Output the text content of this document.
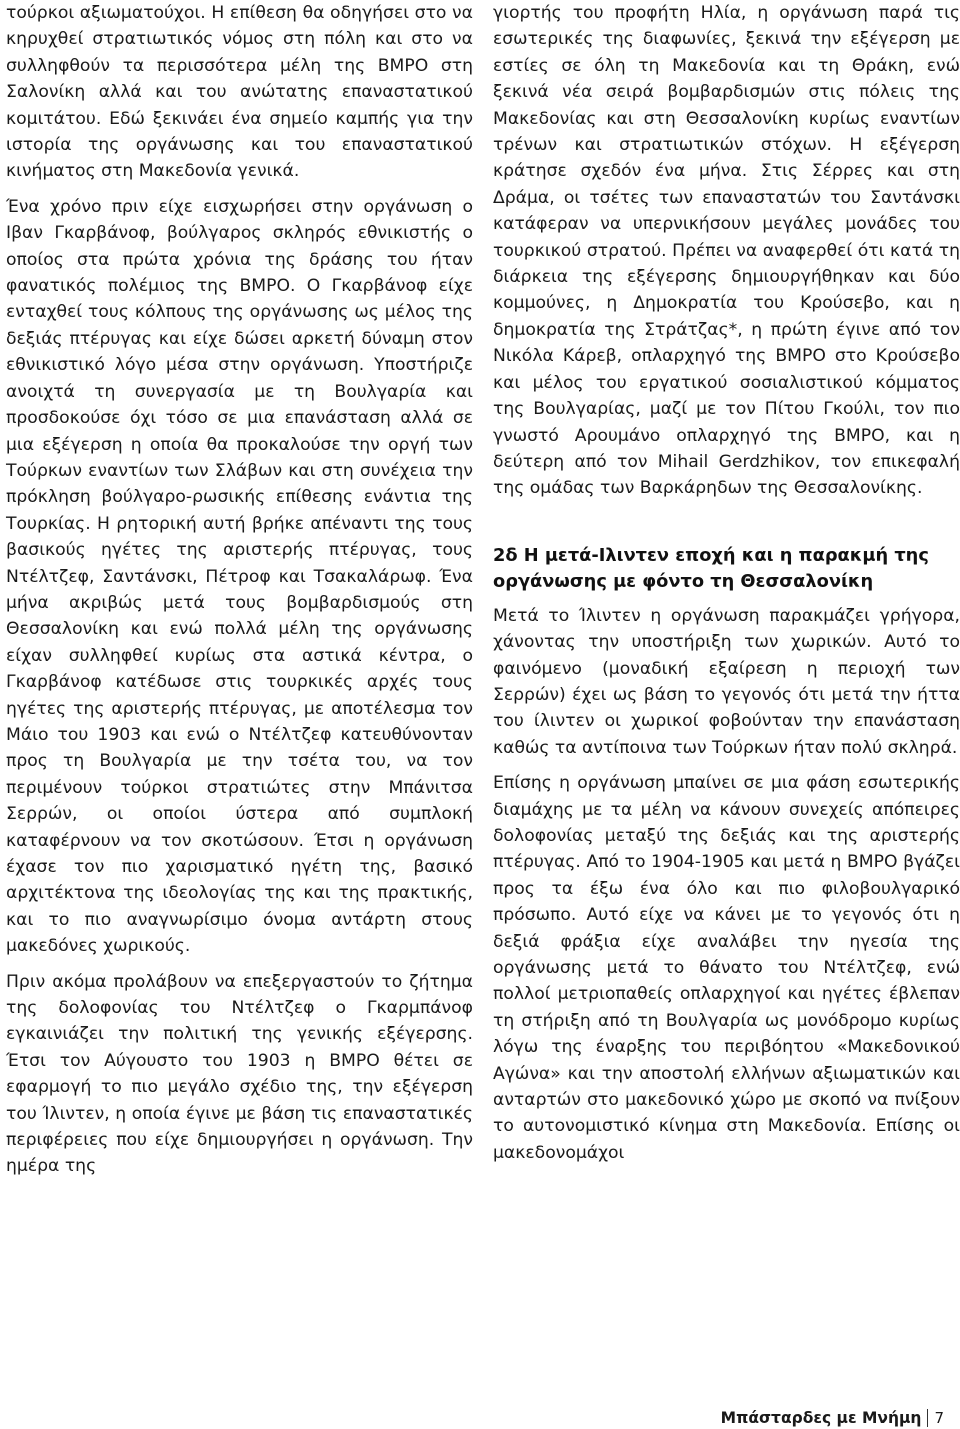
τούρκοι αξιωματούχοι. Η επίθεση θα οδηγήσει στο να κηρυχθεί στρατιωτικός νόμος στη πόλη και στο να συλληφθούν τα περισσότερα μέλη της ΒΜΡΟ στη Σαλονίκη αλλά και του ανώτατης επαναστατικού κομιτάτου. Εδώ ξεκινάει ένα σημείο καμπής για την ιστορία της οργάνωσης και του επαναστατικού κινήματος στη Μακεδονία γενικά.

Ένα χρόνο πριν είχε εισχωρήσει στην οργάνωση ο Ιβαν Γκαρβάνοφ, βούλγαρος σκληρός εθνικιστής ο οποίος στα πρώτα χρόνια της δράσης του ήταν φανατικός πολέμιος της ΒΜΡΟ. Ο Γκαρβάνοφ είχε ενταχθεί τους κόλπους της οργάνωσης ως μέλος της δεξιάς πτέρυγας και είχε δώσει αρκετή δύναμη στον εθνικιστικό λόγο μέσα στην οργάνωση. Υποστήριζε ανοιχτά τη συνεργασία με τη Βουλγαρία και προσδοκούσε όχι τόσο σε μια επανάσταση αλλά σε μια εξέγερση η οποία θα προκαλούσε την οργή των Τούρκων εναντίων των Σλάβων και στη συνέχεια την πρόκληση βούλγαρο-ρωσικής επίθεσης ενάντια της Τουρκίας. Η ρητορική αυτή βρήκε απέναντι της τους βασικούς ηγέτες της αριστερής πτέρυγας, τους Ντέλτζεφ, Σαντάνσκι, Πέτροφ και Τσακαλάρωφ. Ένα μήνα ακριβώς μετά τους βομβαρδισμούς στη Θεσσαλονίκη και ενώ πολλά μέλη της οργάνωσης είχαν συλληφθεί κυρίως στα αστικά κέντρα, ο Γκαρβάνοφ κατέδωσε στις τουρκικές αρχές τους ηγέτες της αριστερής πτέρυγας, με αποτέλεσμα τον Μάιο του 1903 και ενώ ο Ντέλτζεφ κατευθύνονταν προς τη Βουλγαρία με την τσέτα του, να τον περιμένουν τούρκοι στρατιώτες στην Μπάνιτσα Σερρών, οι οποίοι ύστερα από συμπλοκή καταφέρνουν να τον σκοτώσουν. Έτσι η οργάνωση έχασε τον πιο χαρισματικό ηγέτη της, βασικό αρχιτέκτονα της ιδεολογίας της και της πρακτικής, και το πιο αναγνωρίσιμο όνομα αντάρτη στους μακεδόνες χωρικούς.

Πριν ακόμα προλάβουν να επεξεργαστούν το ζήτημα της δολοφονίας του Ντέλτζεφ ο Γκαρμπάνοφ εγκαινιάζει την πολιτική της γενικής εξέγερσης. Έτσι τον Αύγουστο του 1903 η ΒΜΡΟ θέτει σε εφαρμογή το πιο μεγάλο σχέδιο της, την εξέγερση του Ίλιντεν, η οποία έγινε με βάση τις επαναστατικές περιφέρειες που είχε δημιουργήσει η οργάνωση. Την ημέρα της

γιορτής του προφήτη Ηλία, η οργάνωση παρά τις εσωτερικές της διαφωνίες, ξεκινά την εξέγερση με εστίες σε όλη τη Μακεδονία και τη Θράκη, ενώ ξεκινά νέα σειρά βομβαρδισμών στις πόλεις της Μακεδονίας και στη Θεσσαλονίκη κυρίως εναντίων τρένων και στρατιωτικών στόχων. Η εξέγερση κράτησε σχεδόν ένα μήνα. Στις Σέρρες και στη Δράμα, οι τσέτες των επαναστατών του Σαντάνσκι κατάφεραν να υπερνικήσουν μεγάλες μονάδες του τουρκικού στρατού. Πρέπει να αναφερθεί ότι κατά τη διάρκεια της εξέγερσης δημιουργήθηκαν και δύο κομμούνες, η Δημοκρατία του Κρούσεβο, και η δημοκρατία της Στράτζας*, η πρώτη έγινε από τον Νικόλα Κάρεβ, οπλαρχηγό της ΒΜΡΟ στο Κρούσεβο και μέλος του εργατικού σοσιαλιστικού κόμματος της Βουλγαρίας, μαζί με τον Πίτου Γκούλι, τον πιο γνωστό Αρουμάνο οπλαρχηγό της ΒΜΡΟ, και η δεύτερη από τον Mihail Gerdzhikov, τον επικεφαλή της ομάδας των Βαρκάρηδων της Θεσσαλονίκης.

2δ Η μετά-Ιλιντεν εποχή και η παρακμή της οργάνωσης με φόντο τη Θεσσαλονίκη

Μετά το Ίλιντεν η οργάνωση παρακμάζει γρήγορα, χάνοντας την υποστήριξη των χωρικών. Αυτό το φαινόμενο (μοναδική εξαίρεση η περιοχή των Σερρών) έχει ως βάση το γεγονός ότι μετά την ήττα του ίλιντεν οι χωρικοί φοβούνταν την επανάσταση καθώς τα αντίποινα των Τούρκων ήταν πολύ σκληρά.

Επίσης η οργάνωση μπαίνει σε μια φάση εσωτερικής διαμάχης με τα μέλη να κάνουν συνεχείς απόπειρες δολοφονίας μεταξύ της δεξιάς και της αριστερής πτέρυγας. Από το 1904-1905 και μετά η ΒΜΡΟ βγάζει προς τα έξω ένα όλο και πιο φιλοβουλγαρικό πρόσωπο. Αυτό είχε να κάνει με το γεγονός ότι η δεξιά φράξια είχε αναλάβει την ηγεσία της οργάνωσης μετά το θάνατο του Ντέλτζεφ, ενώ πολλοί μετριοπαθείς οπλαρχηγοί και ηγέτες έβλεπαν τη στήριξη από τη Βουλγαρία ως μονόδρομο κυρίως λόγω της έναρξης του περιβόητου «Μακεδονικού Αγώνα» και την αποστολή ελλήνων αξιωματικών και ανταρτών στο μακεδονικό χώρο με σκοπό να πνίξουν το αυτονομιστικό κίνημα στη Μακεδονία. Επίσης οι μακεδονομάχοι

Μπάσταρδες με Μνήμη 7
